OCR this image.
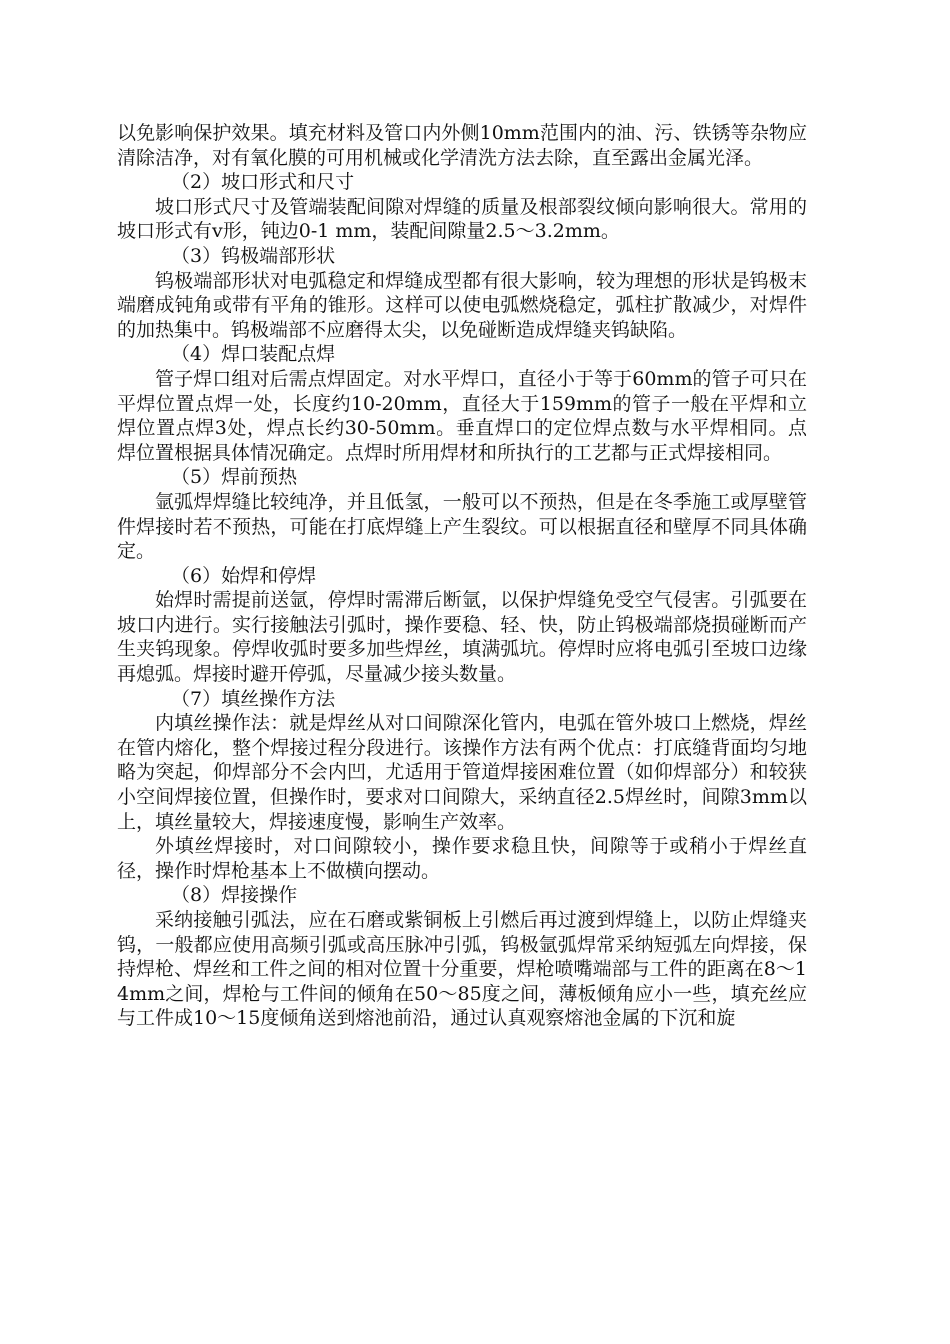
以免影响保护效果。填充材料及管口内外侧10mm范围内的油、污、铁锈等杂物应清除洁净，对有氧化膜的可用机械或化学清洗方法去除，直至露出金属光泽。

（2）坡口形式和尺寸

坡口形式尺寸及管端装配间隙对焊缝的质量及根部裂纹倾向影响很大。常用的坡口形式有v形，钝边0-1 mm，装配间隙量2.5～3.2mm。

（3）钨极端部形状

钨极端部形状对电弧稳定和焊缝成型都有很大影响，较为理想的形状是钨极末端磨成钝角或带有平角的锥形。这样可以使电弧燃烧稳定，弧柱扩散减少，对焊件的加热集中。钨极端部不应磨得太尖，以免碰断造成焊缝夹钨缺陷。

（4）焊口装配点焊

管子焊口组对后需点焊固定。对水平焊口，直径小于等于60mm的管子可只在平焊位置点焊一处，长度约10-20mm，直径大于159mm的管子一般在平焊和立焊位置点焊3处，焊点长约30-50mm。垂直焊口的定位焊点数与水平焊相同。点焊位置根据具体情况确定。点焊时所用焊材和所执行的工艺都与正式焊接相同。

（5）焊前预热

氩弧焊焊缝比较纯净，并且低氢，一般可以不预热，但是在冬季施工或厚壁管件焊接时若不预热，可能在打底焊缝上产生裂纹。可以根据直径和壁厚不同具体确定。

（6）始焊和停焊

始焊时需提前送氩，停焊时需滞后断氩，以保护焊缝免受空气侵害。引弧要在坡口内进行。实行接触法引弧时，操作要稳、轻、快，防止钨极端部烧损碰断而产生夹钨现象。停焊收弧时要多加些焊丝，填满弧坑。停焊时应将电弧引至坡口边缘再熄弧。焊接时避开停弧，尽量减少接头数量。

（7）填丝操作方法

内填丝操作法：就是焊丝从对口间隙深化管内，电弧在管外坡口上燃烧，焊丝在管内熔化，整个焊接过程分段进行。该操作方法有两个优点：打底缝背面均匀地略为突起，仰焊部分不会内凹，尤适用于管道焊接困难位置（如仰焊部分）和较狭小空间焊接位置，但操作时，要求对口间隙大，采纳直径2.5焊丝时，间隙3mm以上，填丝量较大，焊接速度慢，影响生产效率。

外填丝焊接时，对口间隙较小，操作要求稳且快，间隙等于或稍小于焊丝直径，操作时焊枪基本上不做横向摆动。

（8）焊接操作

采纳接触引弧法，应在石磨或紫铜板上引燃后再过渡到焊缝上，以防止焊缝夹钨，一般都应使用高频引弧或高压脉冲引弧，钨极氩弧焊常采纳短弧左向焊接，保持焊枪、焊丝和工件之间的相对位置十分重要，焊枪喷嘴端部与工件的距离在8～14mm之间，焊枪与工件间的倾角在50～85度之间，薄板倾角应小一些，填充丝应与工件成10～15度倾角送到熔池前沿，通过认真观察熔池金属的下沉和旋
